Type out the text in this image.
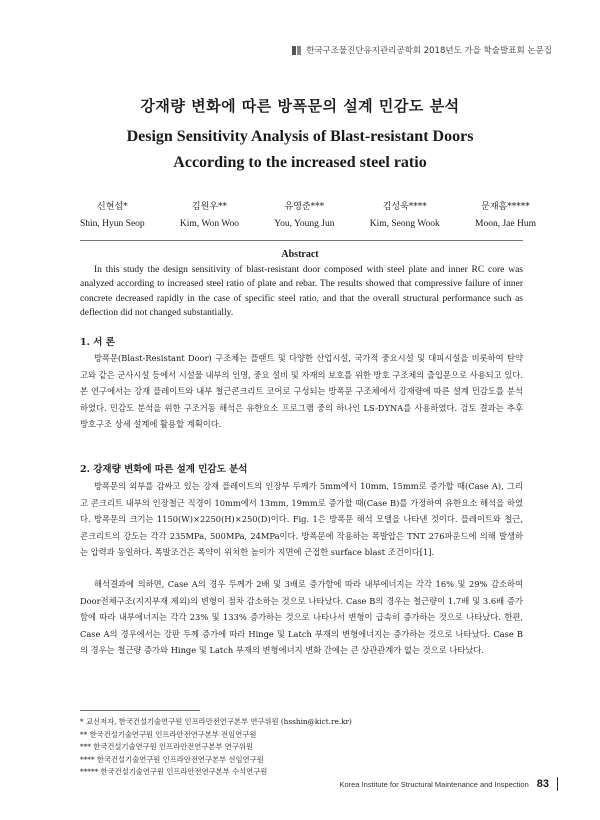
한국구조물진단유지관리공학회 2018년도 가을 학술발표회 논문집
강재량 변화에 따른 방폭문의 설계 민감도 분석
Design Sensitivity Analysis of Blast-resistant Doors
According to the increased steel ratio
신현섭*
Shin, Hyun Seop
김원우**
Kim, Won Woo
유영준***
You, Young Jun
김성욱****
Kim, Seong Wook
문재흠*****
Moon, Jae Hum
Abstract

In this study the design sensitivity of blast-resistant door composed with steel plate and inner RC core was analyzed according to increased steel ratio of plate and rebar. The results showed that compressive failure of inner concrete decreased rapidly in the case of specific steel ratio, and that the overall structural performance such as deflection did not changed substantially.

1. 서 론

방폭문(Blast-Resistant Door) 구조체는 플랜트 및 다양한 산업시설, 국가적 중요시설 및 대피시설을 비롯하여 탄약고와 같은 군사시설 등에서 시설물 내부의 인명, 중요 설비 및 자재의 보호를 위한 방호 구조체의 출입문으로 사용되고 있다. 본 연구에서는 강재 플레이트와 내부 철근콘크리트 코어로 구성되는 방폭문 구조체에서 강재량에 따른 설계 민감도를 분석하였다. 민감도 분석을 위한 구조거동 해석은 유한요소 프로그램 중의 하나인 LS-DYNA를 사용하였다. 검토 결과는 추후 방호구조 상세 설계에 활용할 계획이다.

2. 강재량 변화에 따른 설계 민감도 분석

방폭문의 외부를 감싸고 있는 강재 플레이트의 인장부 두께가 5mm에서 10mm, 15mm로 증가할 때(Case A), 그리고 콘크리트 내부의 인장철근 직경이 10mm에서 13mm, 19mm로 증가할 때(Case B)를 가정하여 유한요소 해석을 하였다. 방폭문의 크기는 1150(W)×2250(H)×250(D)이다. Fig. 1은 방폭문 해석 모델을 나타낸 것이다. 플레이트와 철근, 콘크리트의 강도는 각각 235MPa, 500MPa, 24MPa이다. 방폭문에 작용하는 폭발압은 TNT 276파운드에 의해 발생하는 압력과 동일하다. 폭발조건은 폭약이 위치한 높이가 지면에 근접한 surface blast 조건이다[1].

해석결과에 의하면, Case A의 경우 두께가 2배 및 3배로 증가함에 따라 내부에너지는 각각 16% 및 29% 감소하여 Door전체구조(지지부재 제외)의 변형이 점차 감소하는 것으로 나타났다. Case B의 경우는 철근량이 1.7배 및 3.6배 증가함에 따라 내부에너지는 각각 23% 및 133% 증가하는 것으로 나타나서 변형이 급속히 증가하는 것으로 나타났다. 한편, Case A의 경우에서는 강판 두께 증가에 따라 Hinge 및 Latch 부재의 변형에너지는 증가하는 것으로 나타났다. Case B의 경우는 철근량 증가와 Hinge 및 Latch 부재의 변형에너지 변화 간에는 큰 상관관계가 없는 것으로 나타났다.

* 교신저자, 한국건설기술연구원 인프라안전연구본부 연구위원 (hsshin@kict.re.kr)
** 한국건설기술연구원 인프라안전연구본부 전임연구원
*** 한국건설기술연구원 인프라안전연구본부 연구위원
**** 한국건설기술연구원 인프라안전연구본부 선임연구원
***** 한국건설기술연구원 인프라안전연구본부 수석연구원
Korea Institute for Structural Maintenance and Inspection 83
